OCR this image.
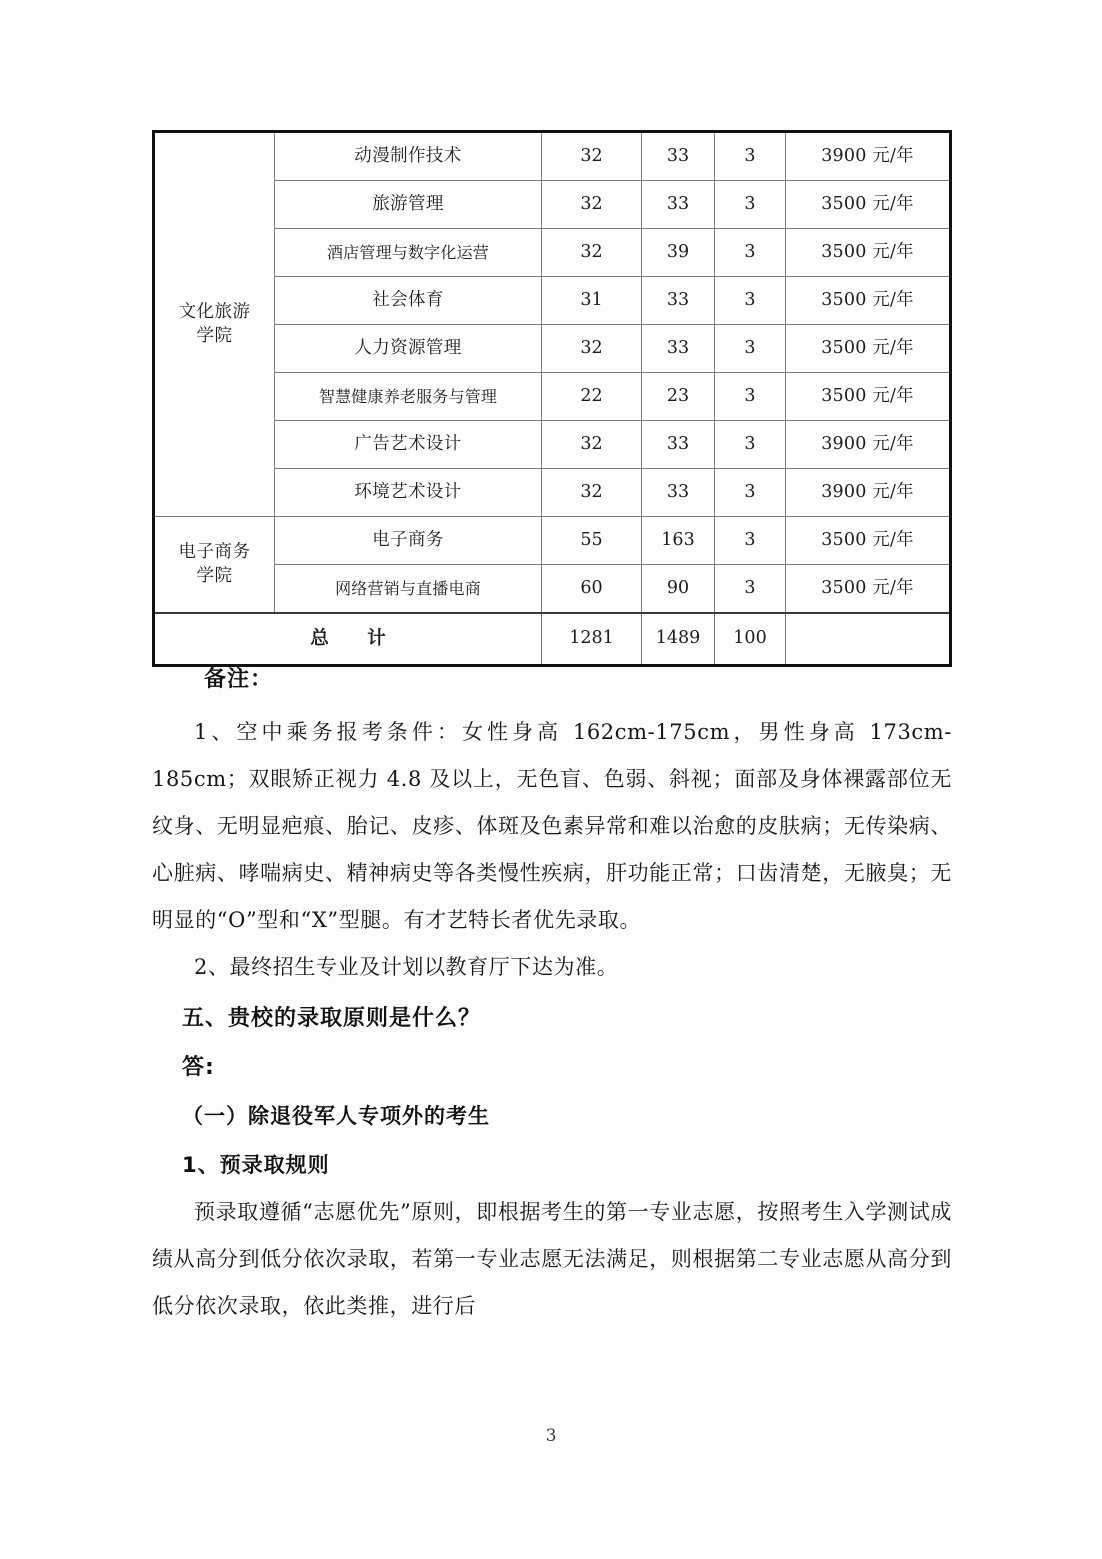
文化旅游
学院	动漫制作技术	32	33	3	3900 元/年
	旅游管理	32	33	3	3500 元/年
	酒店管理与数字化运营	32	39	3	3500 元/年
	社会体育	31	33	3	3500 元/年
	人力资源管理	32	33	3	3500 元/年
	智慧健康养老服务与管理	22	23	3	3500 元/年
	广告艺术设计	32	33	3	3900 元/年
	环境艺术设计	32	33	3	3900 元/年

电子商务
学院	电子商务	55	163	3	3500 元/年
	网络营销与直播电商	60	90	3	3500 元/年
总　计		1281	1489	100	
备注：

1、空中乘务报考条件：女性身高 162cm-175cm，男性身高 173cm-185cm；双眼矫正视力 4.8 及以上，无色盲、色弱、斜视；面部及身体裸露部位无纹身、无明显疤痕、胎记、皮疹、体斑及色素异常和难以治愈的皮肤病；无传染病、心脏病、哮喘病史、精神病史等各类慢性疾病，肝功能正常；口齿清楚，无腋臭；无明显的“O”型和“X”型腿。有才艺特长者优先录取。

2、最终招生专业及计划以教育厅下达为准。

五、贵校的录取原则是什么？
答:
（一）除退役军人专项外的考生
1、预录取规则

预录取遵循“志愿优先”原则，即根据考生的第一专业志愿，按照考生入学测试成绩从高分到低分依次录取，若第一专业志愿无法满足，则根据第二专业志愿从高分到低分依次录取，依此类推，进行后

3
